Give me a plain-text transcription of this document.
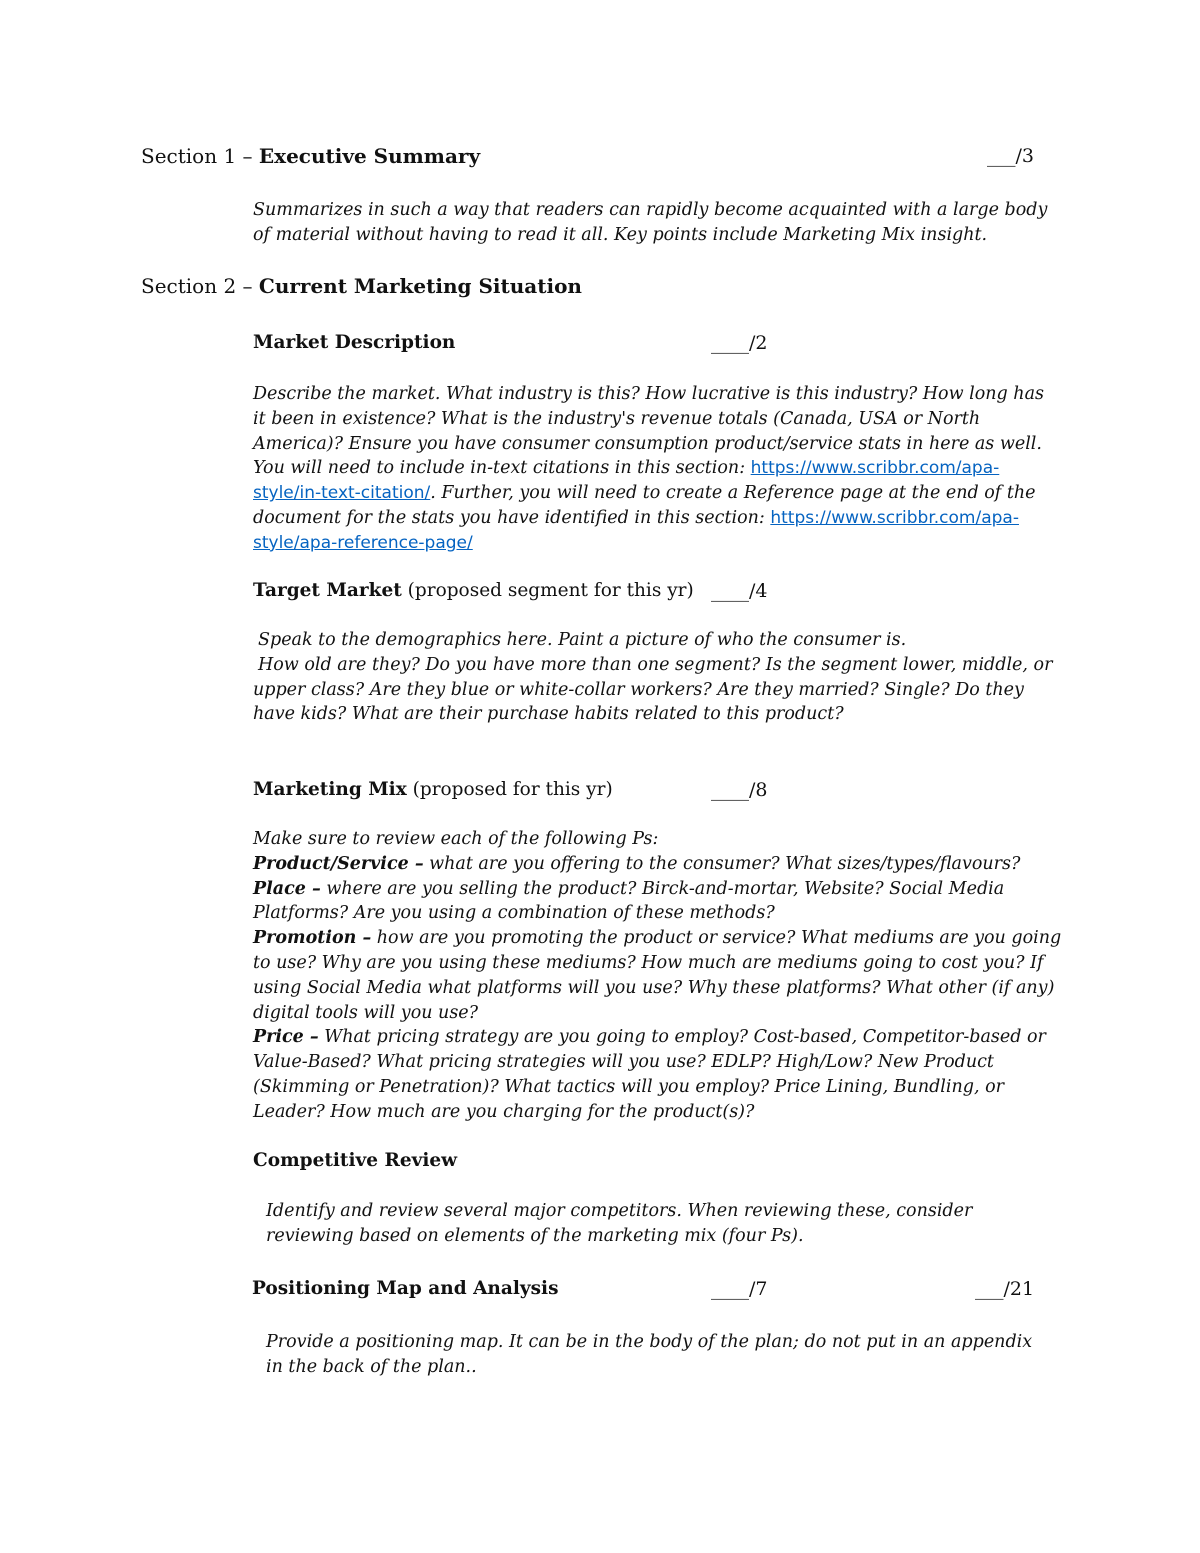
Section 1 – Executive Summary	___/3
Summarizes in such a way that readers can rapidly become acquainted with a large body of material without having to read it all. Key points include Marketing Mix insight.
Section 2 – Current Marketing Situation
Market Description	____/2
Describe the market. What industry is this? How lucrative is this industry? How long has it been in existence? What is the industry's revenue totals (Canada, USA or North America)? Ensure you have consumer consumption product/service stats in here as well. You will need to include in-text citations in this section: https://www.scribbr.com/apa-style/in-text-citation/. Further, you will need to create a Reference page at the end of the document for the stats you have identified in this section: https://www.scribbr.com/apa-style/apa-reference-page/
Target Market (proposed segment for this yr) ____/4

Speak to the demographics here. Paint a picture of who the consumer is.

How old are they? Do you have more than one segment? Is the segment lower, middle, or upper class? Are they blue or white-collar workers? Are they married? Single? Do they have kids? What are their purchase habits related to this product?

Marketing Mix (proposed for this yr)	____/8

Make sure to review each of the following Ps:

Product/Service – what are you offering to the consumer? What sizes/types/flavours?

Place – where are you selling the product? Birck-and-mortar, Website? Social Media Platforms? Are you using a combination of these methods?

Promotion – how are you promoting the product or service? What mediums are you going to use? Why are you using these mediums? How much are mediums going to cost you? If using Social Media what platforms will you use? Why these platforms? What other (if any) digital tools will you use?

Price – What pricing strategy are you going to employ? Cost-based, Competitor-based or Value-Based? What pricing strategies will you use? EDLP? High/Low? New Product (Skimming or Penetration)? What tactics will you employ? Price Lining, Bundling, or Leader? How much are you charging for the product(s)?

Competitive Review
Identify and review several major competitors. When reviewing these, consider reviewing based on elements of the marketing mix (four Ps).
Positioning Map and Analysis	____/7	___/21
Provide a positioning map. It can be in the body of the plan; do not put in an appendix in the back of the plan..
